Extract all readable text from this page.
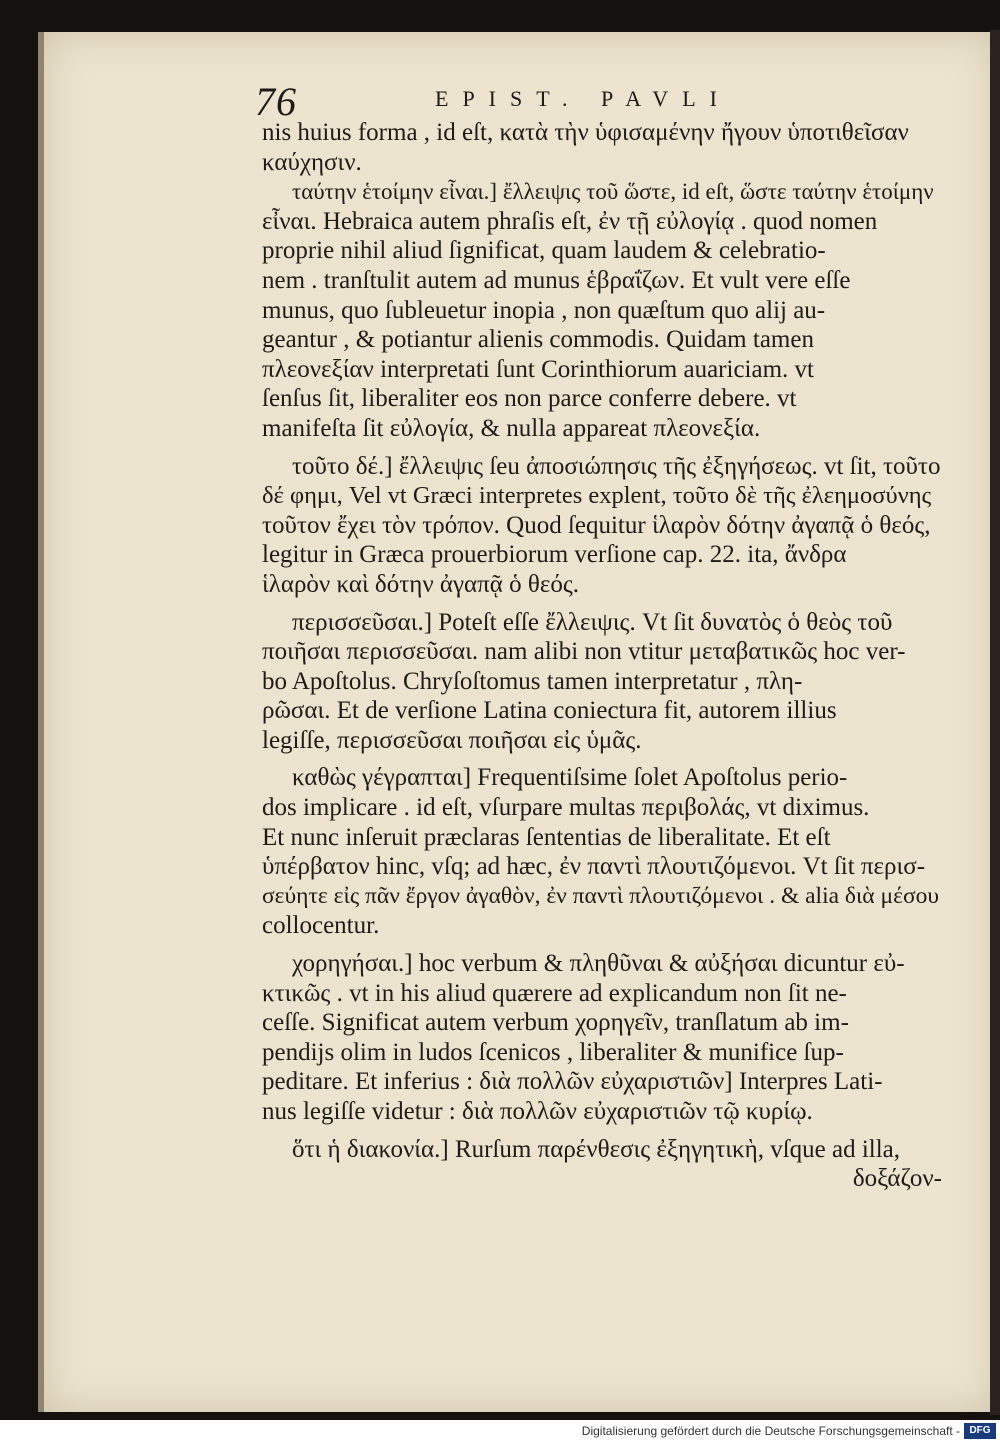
76	EPIST. PAVLI
nis huius forma , id eſt, κατὰ τὴν ὑφισαμένην ἤγουν ὑποτιθεῖσαν
καύχησιν.
ταύτην ἑτοίμην εἶναι.] ἔλλειψις τοῦ ὥστε, id eſt, ὥστε ταύτην ἑτοίμην
εἶναι. Hebraica autem phraſis eſt, ἐν τῇ εὐλογίᾳ . quod nomen
proprie nihil aliud ſignificat, quam laudem & celebratio-
nem . tranſtulit autem ad munus ἑβραΐζων. Et vult vere eſſe
munus, quo ſubleuetur inopia , non quæſtum quo alij au-
geantur , & potiantur alienis commodis. Quidam tamen
πλεονεξίαν interpretati ſunt Corinthiorum auariciam. vt
ſenſus ſit, liberaliter eos non parce conferre debere. vt
manifeſta ſit εὐλογία, & nulla appareat πλεονεξία.
τοῦτο δέ.] ἔλλειψις ſeu ἀποσιώπησις τῆς ἐξηγήσεως. vt ſit, τοῦτο
δέ φημι, Vel vt Græci interpretes explent, τοῦτο δὲ τῆς ἐλεημοσύνης
τοῦτον ἔχει τὸν τρόπον. Quod ſequitur ἱλαρὸν δότην ἀγαπᾷ ὁ θεός,
legitur in Græca prouerbiorum verſione cap. 22. ita, ἄνδρα
ἱλαρὸν καὶ δότην ἀγαπᾷ ὁ θεός.
περισσεῦσαι.] Poteſt eſſe ἔλλειψις. Vt ſit δυνατὸς ὁ θεὸς τοῦ
ποιῆσαι περισσεῦσαι. nam alibi non vtitur μεταβατικῶς hoc ver-
bo Apoſtolus. Chryſoſtomus tamen interpretatur , πλη-
ρῶσαι. Et de verſione Latina coniectura fit, autorem illius
legiſſe, περισσεῦσαι ποιῆσαι εἰς ὑμᾶς.
καθὼς γέγραπται] Frequentiſsime ſolet Apoſtolus perio-
dos implicare . id eſt, vſurpare multas περιβολάς, vt diximus.
Et nunc inſeruit præclaras ſententias de liberalitate. Et eſt
ὑπέρβατον hinc, vſq; ad hæc, ἐν παντὶ πλουτιζόμενοι. Vt ſit περισ-
σεύητε εἰς πᾶν ἔργον ἀγαθὸν, ἐν παντὶ πλουτιζόμενοι . & alia διὰ μέσου
collocentur.
χορηγήσαι.] hoc verbum & πληθῦναι & αὐξήσαι dicuntur εὐ-
κτικῶς . vt in his aliud quærere ad explicandum non ſit ne-
ceſſe. Significat autem verbum χορηγεῖν, tranſlatum ab im-
pendijs olim in ludos ſcenicos , liberaliter & munifice ſup-
peditare. Et inferius : διὰ πολλῶν εὐχαριστιῶν] Interpres Lati-
nus legiſſe videtur : διὰ πολλῶν εὐχαριστιῶν τῷ κυρίῳ.
ὅτι ἡ διακονία.] Rurſum παρένθεσις ἐξηγητικὴ, vſque ad illa,
δοξάζον-
Digitalisierung gefördert durch die Deutsche Forschungsgemeinschaft - DFG
